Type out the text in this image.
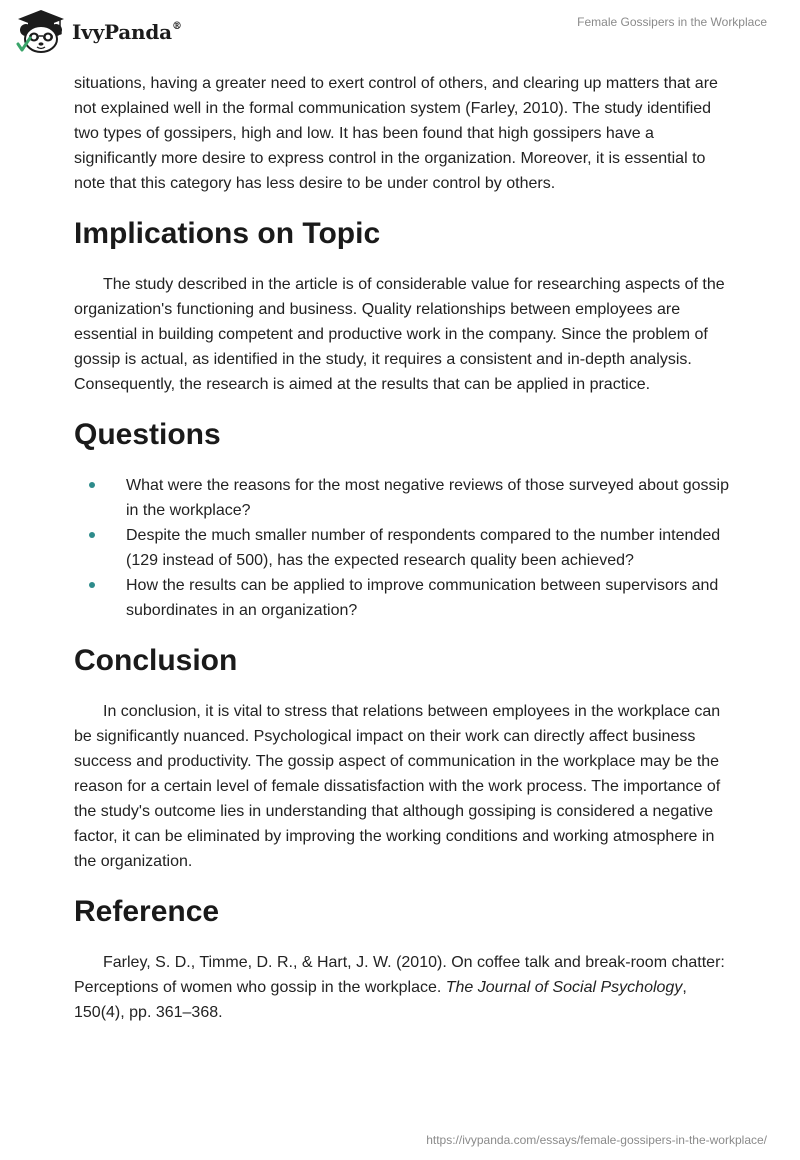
IvyPanda®	Female Gossipers in the Workplace

situations, having a greater need to exert control of others, and clearing up matters that are not explained well in the formal communication system (Farley, 2010). The study identified two types of gossipers, high and low. It has been found that high gossipers have a significantly more desire to express control in the organization. Moreover, it is essential to note that this category has less desire to be under control by others.

Implications on Topic

The study described in the article is of considerable value for researching aspects of the organization's functioning and business. Quality relationships between employees are essential in building competent and productive work in the company. Since the problem of gossip is actual, as identified in the study, it requires a consistent and in-depth analysis. Consequently, the research is aimed at the results that can be applied in practice.

Questions
What were the reasons for the most negative reviews of those surveyed about gossip in the workplace?
Despite the much smaller number of respondents compared to the number intended (129 instead of 500), has the expected research quality been achieved?
How the results can be applied to improve communication between supervisors and subordinates in an organization?
Conclusion

In conclusion, it is vital to stress that relations between employees in the workplace can be significantly nuanced. Psychological impact on their work can directly affect business success and productivity. The gossip aspect of communication in the workplace may be the reason for a certain level of female dissatisfaction with the work process. The importance of the study's outcome lies in understanding that although gossiping is considered a negative factor, it can be eliminated by improving the working conditions and working atmosphere in the organization.

Reference

Farley, S. D., Timme, D. R., & Hart, J. W. (2010). On coffee talk and break-room chatter: Perceptions of women who gossip in the workplace. The Journal of Social Psychology, 150(4), pp. 361–368.

https://ivypanda.com/essays/female-gossipers-in-the-workplace/
